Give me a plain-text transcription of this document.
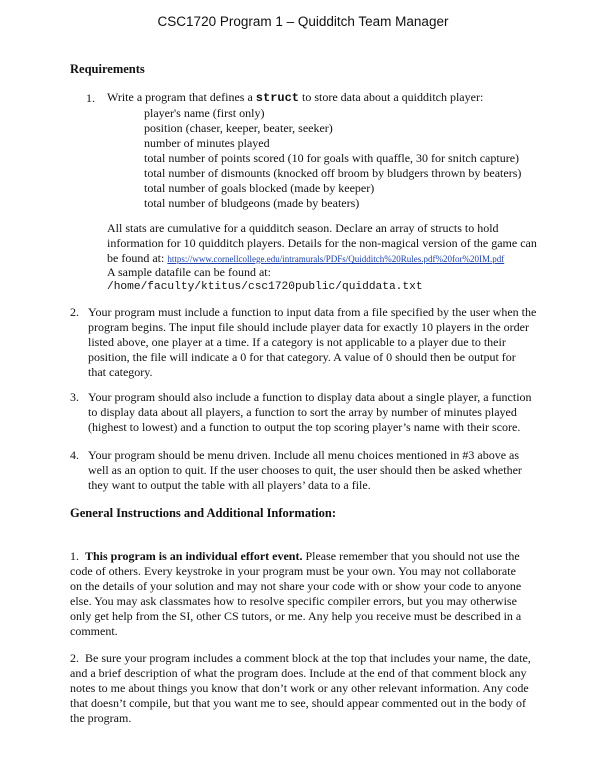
CSC1720 Program 1 – Quidditch Team Manager
Requirements
1. Write a program that defines a struct to store data about a quidditch player:
player's name (first only)
position (chaser, keeper, beater, seeker)
number of minutes played
total number of points scored (10 for goals with quaffle, 30 for snitch capture)
total number of dismounts (knocked off broom by bludgers thrown by beaters)
total number of goals blocked (made by keeper)
total number of bludgeons (made by beaters)
All stats are cumulative for a quidditch season. Declare an array of structs to hold
information for 10 quidditch players. Details for the non-magical version of the game can
be found at: https://www.cornellcollege.edu/intramurals/PDFs/Quidditch%20Rules.pdf%20for%20IM.pdf
A sample datafile can be found at:
/home/faculty/ktitus/csc1720public/quiddata.txt
2. Your program must include a function to input data from a file specified by the user when the
program begins. The input file should include player data for exactly 10 players in the order
listed above, one player at a time. If a category is not applicable to a player due to their
position, the file will indicate a 0 for that category. A value of 0 should then be output for
that category.
3. Your program should also include a function to display data about a single player, a function
to display data about all players, a function to sort the array by number of minutes played
(highest to lowest) and a function to output the top scoring player’s name with their score.
4. Your program should be menu driven. Include all menu choices mentioned in #3 above as
well as an option to quit. If the user chooses to quit, the user should then be asked whether
they want to output the table with all players’ data to a file.
General Instructions and Additional Information:
1. This program is an individual effort event. Please remember that you should not use the
code of others. Every keystroke in your program must be your own. You may not collaborate
on the details of your solution and may not share your code with or show your code to anyone
else. You may ask classmates how to resolve specific compiler errors, but you may otherwise
only get help from the SI, other CS tutors, or me. Any help you receive must be described in a
comment.
2. Be sure your program includes a comment block at the top that includes your name, the date,
and a brief description of what the program does. Include at the end of that comment block any
notes to me about things you know that don’t work or any other relevant information. Any code
that doesn’t compile, but that you want me to see, should appear commented out in the body of
the program.
